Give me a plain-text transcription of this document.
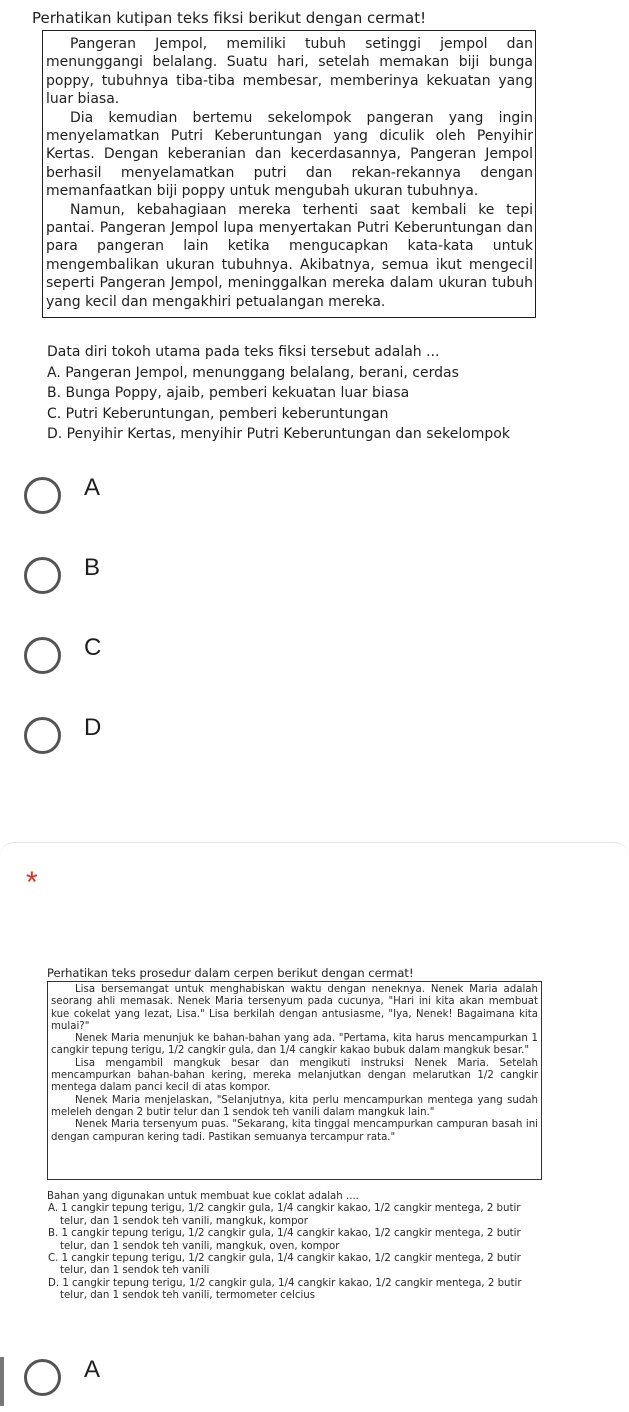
Perhatikan kutipan teks fiksi berikut dengan cermat!

Pangeran Jempol, memiliki tubuh setinggi jempol dan menunggangi belalang. Suatu hari, setelah memakan biji bunga poppy, tubuhnya tiba-tiba membesar, memberinya kekuatan yang luar biasa.

Dia kemudian bertemu sekelompok pangeran yang ingin menyelamatkan Putri Keberuntungan yang diculik oleh Penyihir Kertas. Dengan keberanian dan kecerdasannya, Pangeran Jempol berhasil menyelamatkan putri dan rekan-rekannya dengan memanfaatkan biji poppy untuk mengubah ukuran tubuhnya.

Namun, kebahagiaan mereka terhenti saat kembali ke tepi pantai. Pangeran Jempol lupa menyertakan Putri Keberuntungan dan para pangeran lain ketika mengucapkan kata-kata untuk mengembalikan ukuran tubuhnya. Akibatnya, semua ikut mengecil seperti Pangeran Jempol, meninggalkan mereka dalam ukuran tubuh yang kecil dan mengakhiri petualangan mereka.

Data diri tokoh utama pada teks fiksi tersebut adalah ...
A. Pangeran Jempol, menunggang belalang, berani, cerdas
B. Bunga Poppy, ajaib, pemberi kekuatan luar biasa
C. Putri Keberuntungan, pemberi keberuntungan
D. Penyihir Kertas, menyihir Putri Keberuntungan dan sekelompok
A
B
C
D
*
Perhatikan teks prosedur dalam cerpen berikut dengan cermat!

Lisa bersemangat untuk menghabiskan waktu dengan neneknya. Nenek Maria adalah seorang ahli memasak. Nenek Maria tersenyum pada cucunya, "Hari ini kita akan membuat kue cokelat yang lezat, Lisa." Lisa berkilah dengan antusiasme, "Iya, Nenek! Bagaimana kita mulai?"

Nenek Maria menunjuk ke bahan-bahan yang ada. "Pertama, kita harus mencampurkan 1 cangkir tepung terigu, 1/2 cangkir gula, dan 1/4 cangkir kakao bubuk dalam mangkuk besar."

Lisa mengambil mangkuk besar dan mengikuti instruksi Nenek Maria. Setelah mencampurkan bahan-bahan kering, mereka melanjutkan dengan melarutkan 1/2 cangkir mentega dalam panci kecil di atas kompor.

Nenek Maria menjelaskan, "Selanjutnya, kita perlu mencampurkan mentega yang sudah meleleh dengan 2 butir telur dan 1 sendok teh vanili dalam mangkuk lain."

Nenek Maria tersenyum puas. "Sekarang, kita tinggal mencampurkan campuran basah ini dengan campuran kering tadi. Pastikan semuanya tercampur rata."

Bahan yang digunakan untuk membuat kue coklat adalah ....
A. 1 cangkir tepung terigu, 1/2 cangkir gula, 1/4 cangkir kakao, 1/2 cangkir mentega, 2 butir telur, dan 1 sendok teh vanili, mangkuk, kompor
B. 1 cangkir tepung terigu, 1/2 cangkir gula, 1/4 cangkir kakao, 1/2 cangkir mentega, 2 butir telur, dan 1 sendok teh vanili, mangkuk, oven, kompor
C. 1 cangkir tepung terigu, 1/2 cangkir gula, 1/4 cangkir kakao, 1/2 cangkir mentega, 2 butir telur, dan 1 sendok teh vanili
D. 1 cangkir tepung terigu, 1/2 cangkir gula, 1/4 cangkir kakao, 1/2 cangkir mentega, 2 butir telur, dan 1 sendok teh vanili, termometer celcius
A
